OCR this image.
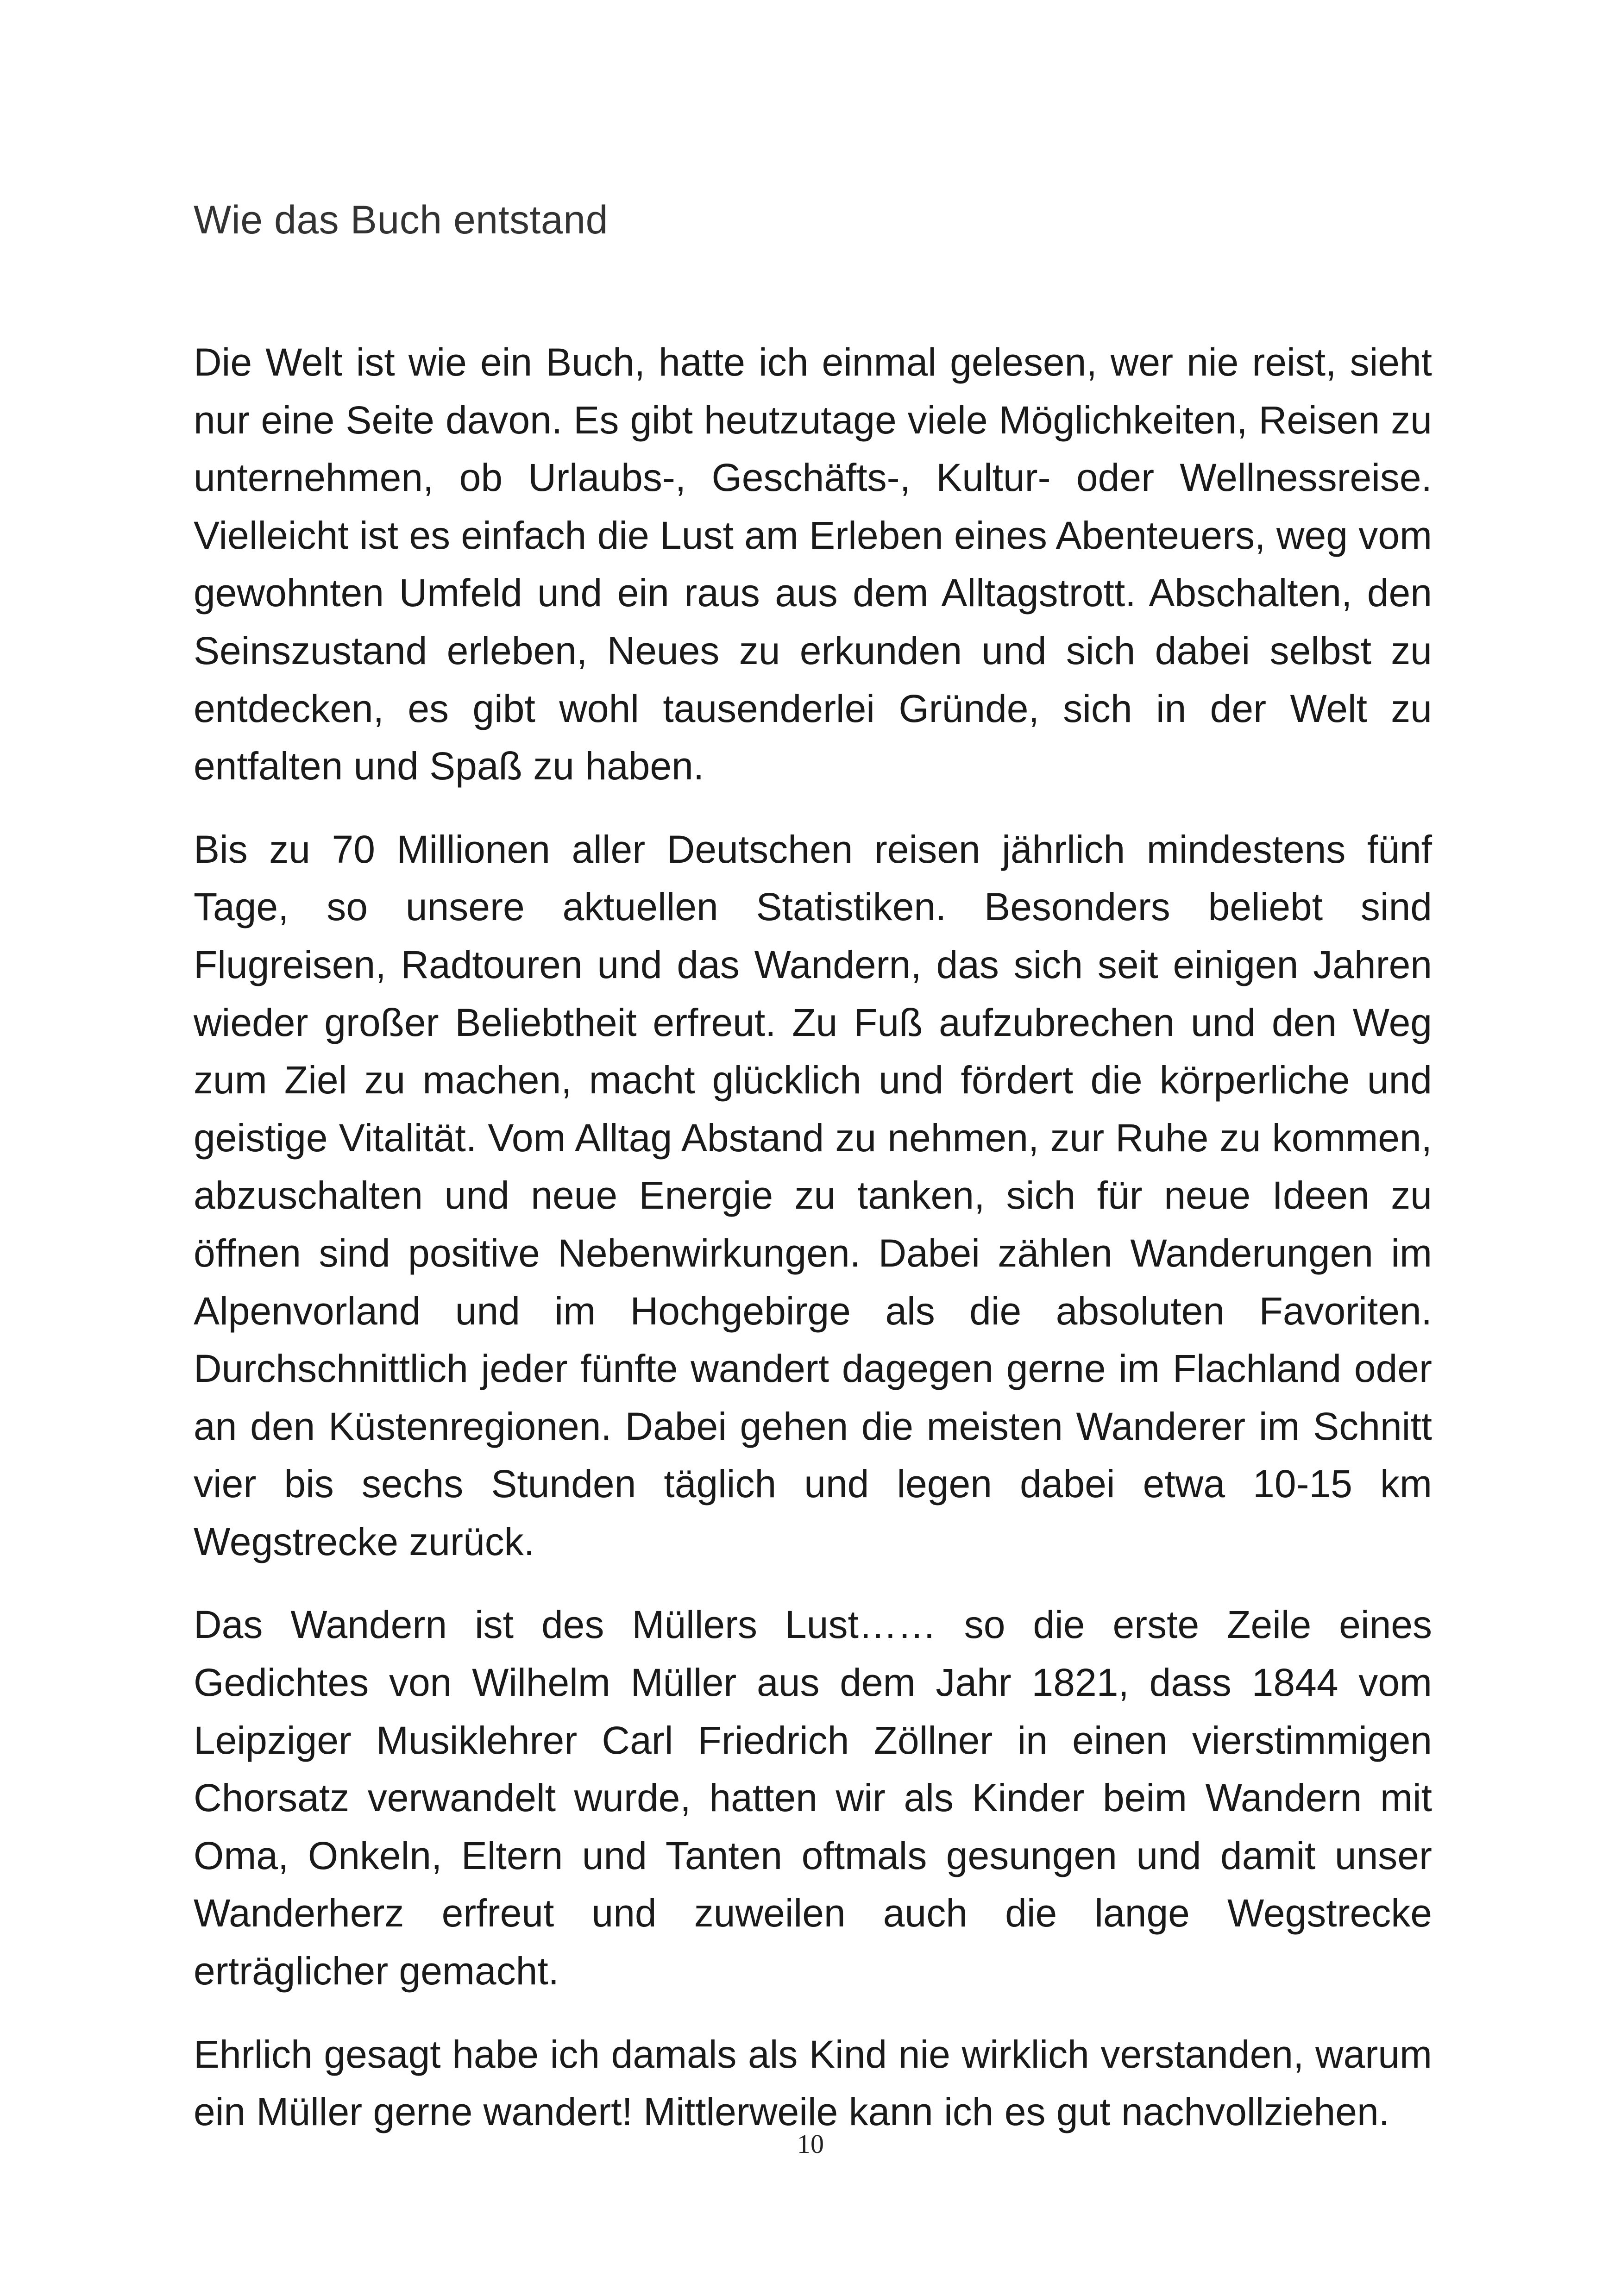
Wie das Buch entstand

Die Welt ist wie ein Buch, hatte ich einmal gelesen, wer nie reist, sieht nur eine Seite davon. Es gibt heutzutage viele Möglichkeiten, Reisen zu unternehmen, ob Urlaubs-, Geschäfts-, Kultur- oder Wellnessreise. Vielleicht ist es einfach die Lust am Erleben eines Abenteuers, weg vom gewohnten Umfeld und ein raus aus dem Alltagstrott. Abschalten, den Seinszustand erleben, Neues zu erkunden und sich dabei selbst zu entdecken, es gibt wohl tausenderlei Gründe, sich in der Welt zu entfalten und Spaß zu haben.

Bis zu 70 Millionen aller Deutschen reisen jährlich mindestens fünf Tage, so unsere aktuellen Statistiken. Besonders beliebt sind Flugreisen, Radtouren und das Wandern, das sich seit einigen Jahren wieder großer Beliebtheit erfreut. Zu Fuß aufzubrechen und den Weg zum Ziel zu machen, macht glücklich und fördert die körperliche und geistige Vitalität. Vom Alltag Abstand zu nehmen, zur Ruhe zu kommen, abzuschalten und neue Energie zu tanken, sich für neue Ideen zu öffnen sind positive Nebenwirkungen. Dabei zählen Wanderungen im Alpenvorland und im Hochgebirge als die absoluten Favoriten. Durchschnittlich jeder fünfte wandert dagegen gerne im Flachland oder an den Küstenregionen. Dabei gehen die meisten Wanderer im Schnitt vier bis sechs Stunden täglich und legen dabei etwa 10-15 km Wegstrecke zurück.

Das Wandern ist des Müllers Lust…… so die erste Zeile eines Gedichtes von Wilhelm Müller aus dem Jahr 1821, dass 1844 vom Leipziger Musiklehrer Carl Friedrich Zöllner in einen vierstimmigen Chorsatz verwandelt wurde, hatten wir als Kinder beim Wandern mit Oma, Onkeln, Eltern und Tanten oftmals gesungen und damit unser Wanderherz erfreut und zuweilen auch die lange Wegstrecke erträglicher gemacht.

Ehrlich gesagt habe ich damals als Kind nie wirklich verstanden, warum ein Müller gerne wandert! Mittlerweile kann ich es gut nachvollziehen.

10
